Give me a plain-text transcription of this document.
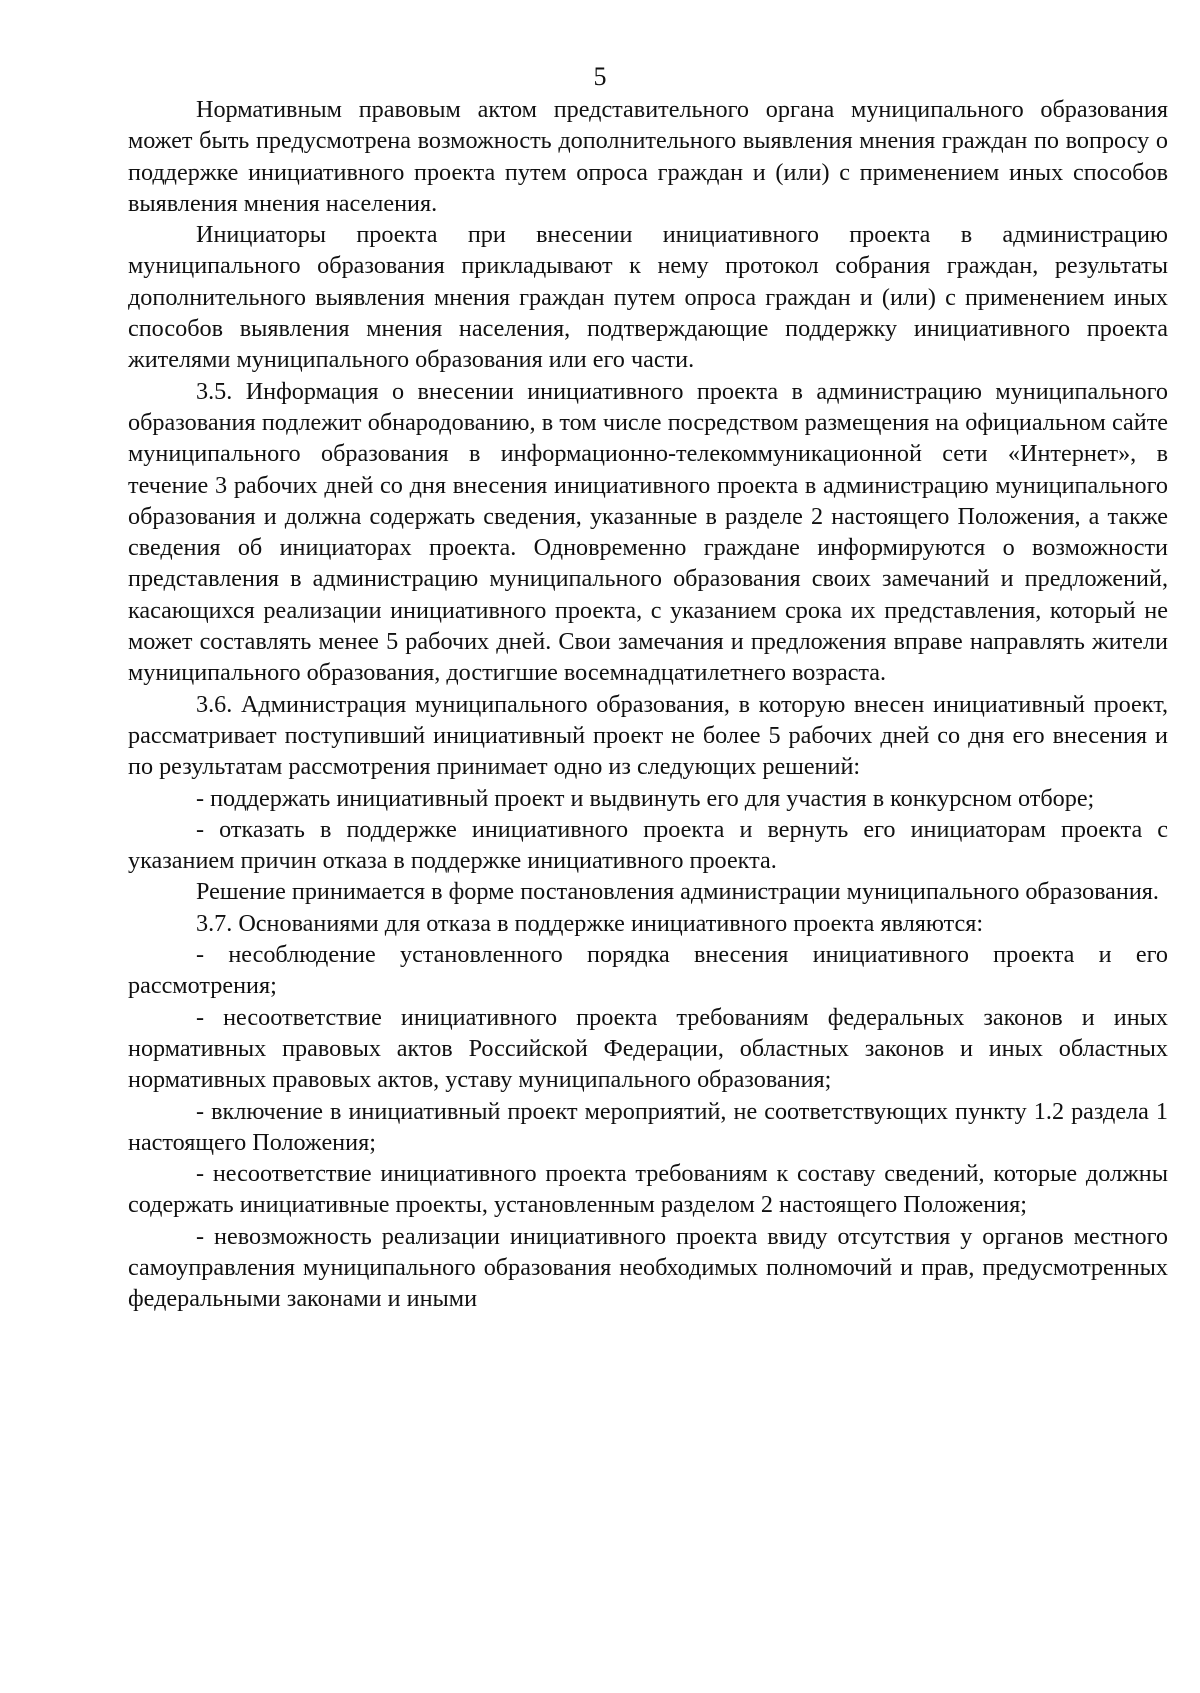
5

Нормативным правовым актом представительного органа муниципального образования может быть предусмотрена возможность дополнительного выявления мнения граждан по вопросу о поддержке инициативного проекта путем опроса граждан и (или) с применением иных способов выявления мнения населения.

Инициаторы проекта при внесении инициативного проекта в администрацию муниципального образования прикладывают к нему протокол собрания граждан, результаты дополнительного выявления мнения граждан путем опроса граждан и (или) с применением иных способов выявления мнения населения, подтверждающие поддержку инициативного проекта жителями муниципального образования или его части.

3.5. Информация о внесении инициативного проекта в администрацию муниципального образования подлежит обнародованию, в том числе посредством размещения на официальном сайте муниципального образования в информационно-телекоммуникационной сети «Интернет», в течение 3 рабочих дней со дня внесения инициативного проекта в администрацию муниципального образования и должна содержать сведения, указанные в разделе 2 настоящего Положения, а также сведения об инициаторах проекта. Одновременно граждане информируются о возможности представления в администрацию муниципального образования своих замечаний и предложений, касающихся реализации инициативного проекта, с указанием срока их представления, который не может составлять менее 5 рабочих дней. Свои замечания и предложения вправе направлять жители муниципального образования, достигшие восемнадцатилетнего возраста.

3.6. Администрация муниципального образования, в которую внесен инициативный проект, рассматривает поступивший инициативный проект не более 5 рабочих дней со дня его внесения и по результатам рассмотрения принимает одно из следующих решений:

- поддержать инициативный проект и выдвинуть его для участия в конкурсном отборе;

- отказать в поддержке инициативного проекта и вернуть его инициаторам проекта с указанием причин отказа в поддержке инициативного проекта.

Решение принимается в форме постановления администрации муниципального образования.

3.7. Основаниями для отказа в поддержке инициативного проекта являются:

- несоблюдение установленного порядка внесения инициативного проекта и его рассмотрения;

- несоответствие инициативного проекта требованиям федеральных законов и иных нормативных правовых актов Российской Федерации, областных законов и иных областных нормативных правовых актов, уставу муниципального образования;

- включение в инициативный проект мероприятий, не соответствующих пункту 1.2 раздела 1 настоящего Положения;

- несоответствие инициативного проекта требованиям к составу сведений, которые должны содержать инициативные проекты, установленным разделом 2 настоящего Положения;

- невозможность реализации инициативного проекта ввиду отсутствия у органов местного самоуправления муниципального образования необходимых полномочий и прав, предусмотренных федеральными законами и иными
